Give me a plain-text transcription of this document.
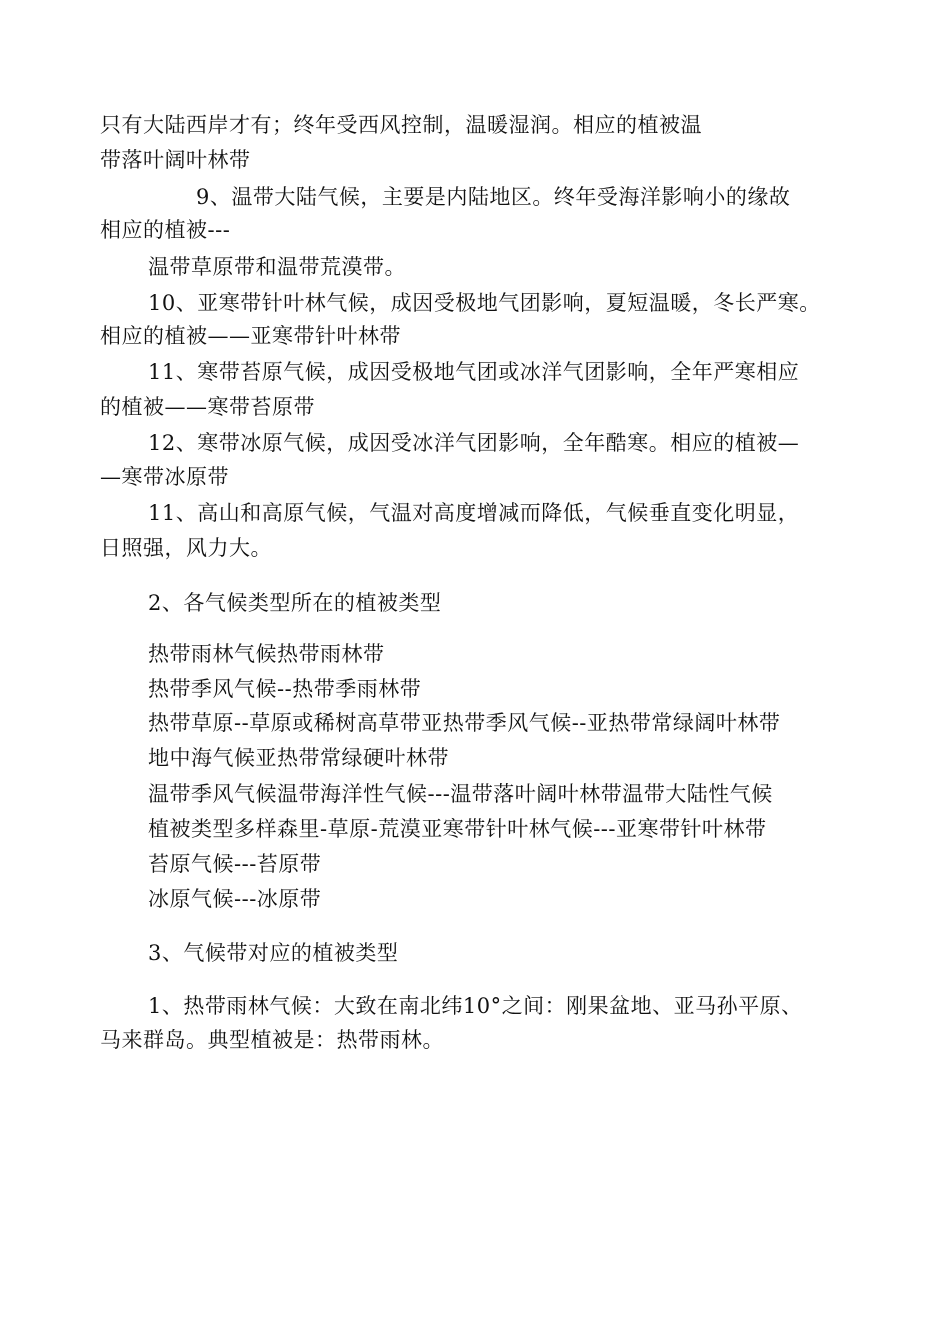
只有大陆西岸才有；终年受西风控制，温暖湿润。相应的植被温
带落叶阔叶林带
9、温带大陆气候，主要是内陆地区。终年受海洋影响小的缘故
相应的植被---
温带草原带和温带荒漠带。
10、亚寒带针叶林气候，成因受极地气团影响，夏短温暖，冬长严寒。
相应的植被——亚寒带针叶林带
11、寒带苔原气候，成因受极地气团或冰洋气团影响，全年严寒相应
的植被——寒带苔原带
12、寒带冰原气候，成因受冰洋气团影响，全年酷寒。相应的植被—
—寒带冰原带
11、高山和高原气候，气温对高度增减而降低，气候垂直变化明显，
日照强，风力大。
2、各气候类型所在的植被类型
热带雨林气候热带雨林带
热带季风气候--热带季雨林带
热带草原--草原或稀树高草带亚热带季风气候--亚热带常绿阔叶林带
地中海气候亚热带常绿硬叶林带
温带季风气候温带海洋性气候---温带落叶阔叶林带温带大陆性气候
植被类型多样森里-草原-荒漠亚寒带针叶林气候---亚寒带针叶林带
苔原气候---苔原带
冰原气候---冰原带
3、气候带对应的植被类型
1、热带雨林气候：大致在南北纬10°之间：刚果盆地、亚马孙平原、
马来群岛。典型植被是：热带雨林。
